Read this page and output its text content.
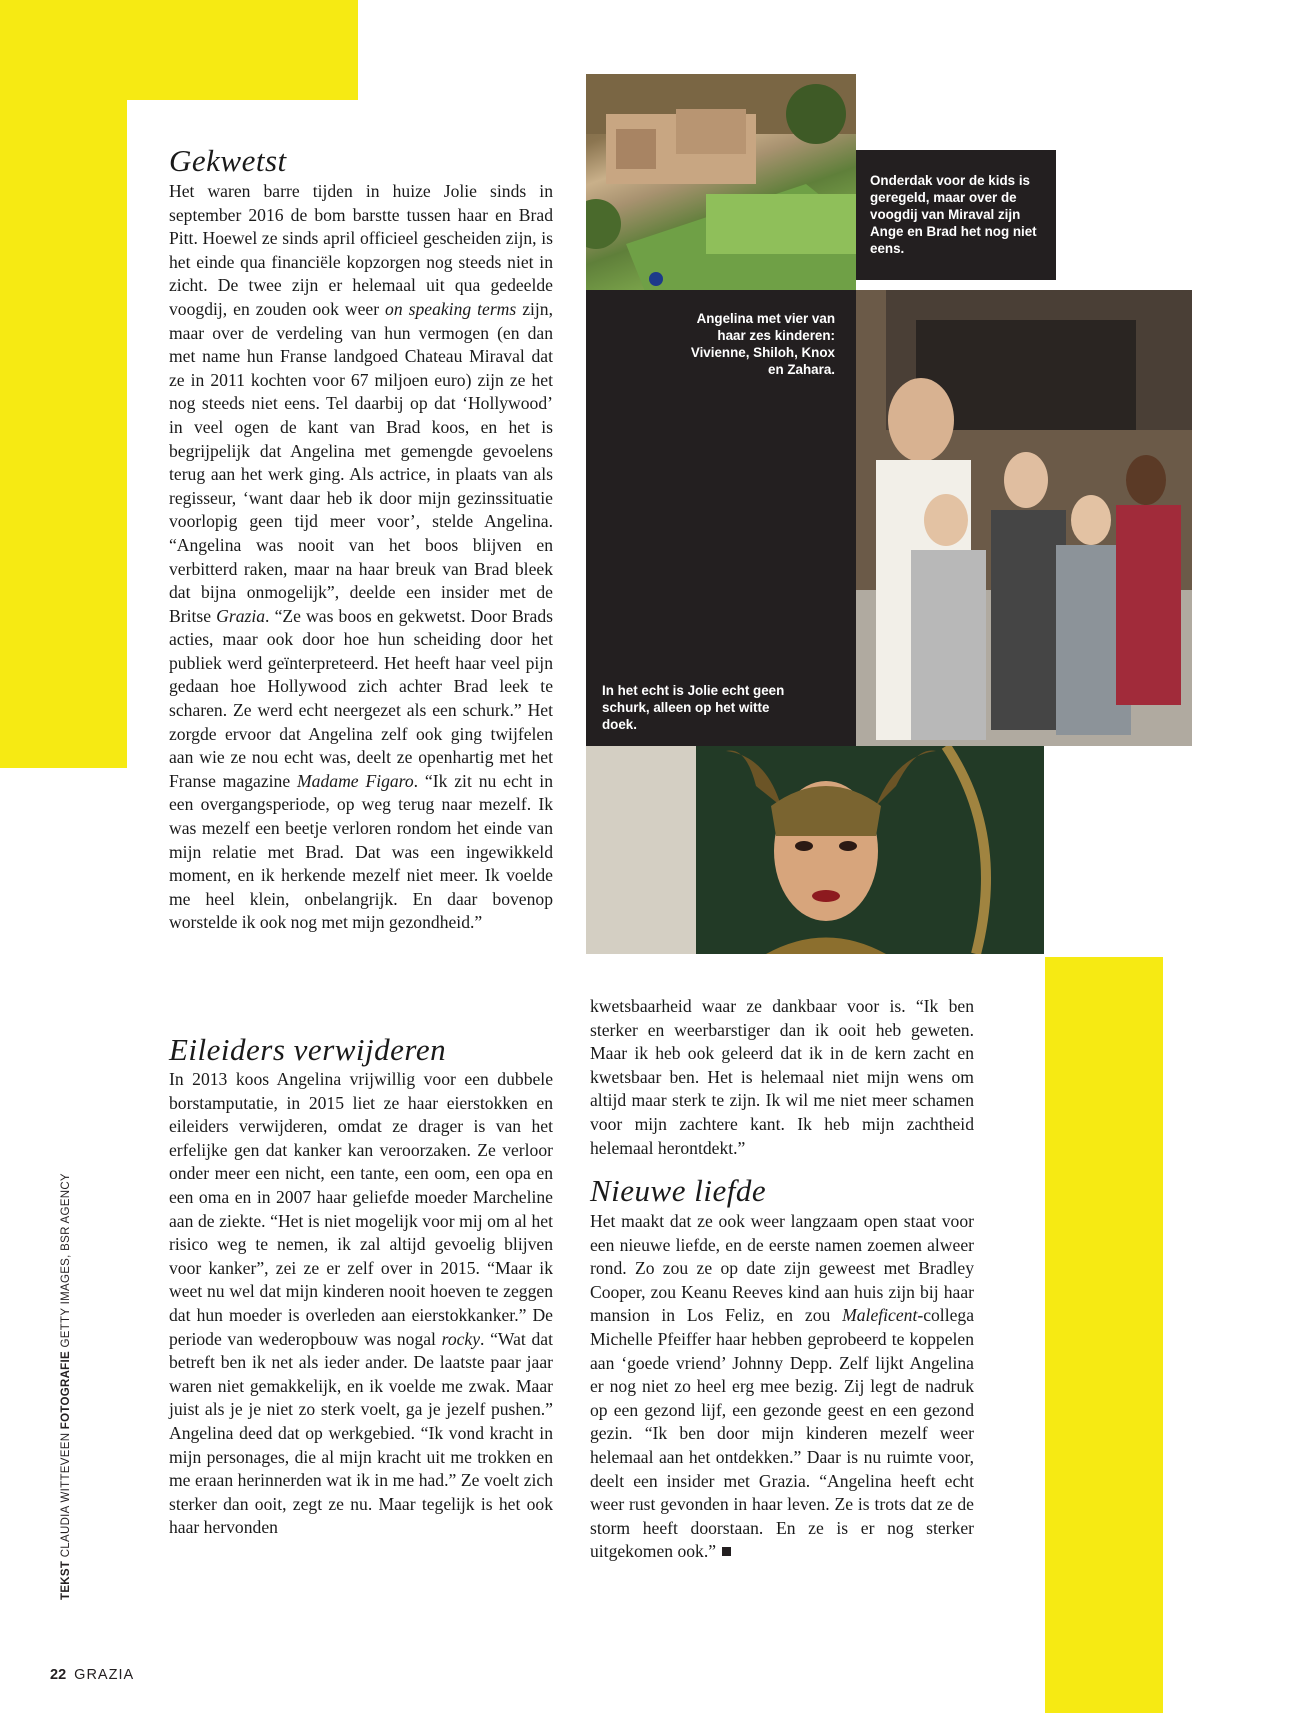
Onderdak voor de kids is geregeld, maar over de voogdij van Miraval zijn Ange en Brad het nog niet eens.
Angelina met vier van haar zes kinderen: Vivienne, Shiloh, Knox en Zahara.
In het echt is Jolie echt geen schurk, alleen op het witte doek.
Gekwetst

Het waren barre tijden in huize Jolie sinds in september 2016 de bom barstte tussen haar en Brad Pitt. Hoewel ze sinds april officieel gescheiden zijn, is het einde qua financiële kopzorgen nog steeds niet in zicht. De twee zijn er helemaal uit qua gedeelde voogdij, en zouden ook weer on speaking terms zijn, maar over de verdeling van hun vermogen (en dan met name hun Franse landgoed Chateau Miraval dat ze in 2011 kochten voor 67 miljoen euro) zijn ze het nog steeds niet eens. Tel daarbij op dat ‘Hollywood’ in veel ogen de kant van Brad koos, en het is begrijpelijk dat Angelina met gemengde gevoelens terug aan het werk ging. Als actrice, in plaats van als regisseur, ‘want daar heb ik door mijn gezinssituatie voorlopig geen tijd meer voor’, stelde Angelina. “Angelina was nooit van het boos blijven en verbitterd raken, maar na haar breuk van Brad bleek dat bijna onmogelijk”, deelde een insider met de Britse Grazia. “Ze was boos en gekwetst. Door Brads acties, maar ook door hoe hun scheiding door het publiek werd geïnterpreteerd. Het heeft haar veel pijn gedaan hoe Hollywood zich achter Brad leek te scharen. Ze werd echt neergezet als een schurk.” Het zorgde ervoor dat Angelina zelf ook ging twijfelen aan wie ze nou echt was, deelt ze openhartig met het Franse magazine Madame Figaro. “Ik zit nu echt in een overgangsperiode, op weg terug naar mezelf. Ik was mezelf een beetje verloren rondom het einde van mijn relatie met Brad. Dat was een ingewikkeld moment, en ik herkende mezelf niet meer. Ik voelde me heel klein, onbelangrijk. En daar bovenop worstelde ik ook nog met mijn gezondheid.”

Eileiders verwijderen

In 2013 koos Angelina vrijwillig voor een dubbele borstamputatie, in 2015 liet ze haar eierstokken en eileiders verwijderen, omdat ze drager is van het erfelijke gen dat kanker kan veroorzaken. Ze verloor onder meer een nicht, een tante, een oom, een opa en een oma en in 2007 haar geliefde moeder Marcheline aan de ziekte. “Het is niet mogelijk voor mij om al het risico weg te nemen, ik zal altijd gevoelig blijven voor kanker”, zei ze er zelf over in 2015. “Maar ik weet nu wel dat mijn kinderen nooit hoeven te zeggen dat hun moeder is overleden aan eierstokkanker.” De periode van wederopbouw was nogal rocky. “Wat dat betreft ben ik net als ieder ander. De laatste paar jaar waren niet gemakkelijk, en ik voelde me zwak. Maar juist als je je niet zo sterk voelt, ga je jezelf pushen.” Angelina deed dat op werkgebied. “Ik vond kracht in mijn personages, die al mijn kracht uit me trokken en me eraan herinnerden wat ik in me had.” Ze voelt zich sterker dan ooit, zegt ze nu. Maar tegelijk is het ook haar hervonden

kwetsbaarheid waar ze dankbaar voor is. “Ik ben sterker en weerbarstiger dan ik ooit heb geweten. Maar ik heb ook geleerd dat ik in de kern zacht en kwetsbaar ben. Het is helemaal niet mijn wens om altijd maar sterk te zijn. Ik wil me niet meer schamen voor mijn zachtere kant. Ik heb mijn zachtheid helemaal herontdekt.”

Nieuwe liefde

Het maakt dat ze ook weer langzaam open staat voor een nieuwe liefde, en de eerste namen zoemen alweer rond. Zo zou ze op date zijn geweest met Bradley Cooper, zou Keanu Reeves kind aan huis zijn bij haar mansion in Los Feliz, en zou Maleficent-collega Michelle Pfeiffer haar hebben geprobeerd te koppelen aan ‘goede vriend’ Johnny Depp. Zelf lijkt Angelina er nog niet zo heel erg mee bezig. Zij legt de nadruk op een gezond lijf, een gezonde geest en een gezond gezin. “Ik ben door mijn kinderen mezelf weer helemaal aan het ontdekken.” Daar is nu ruimte voor, deelt een insider met Grazia. “Angelina heeft echt weer rust gevonden in haar leven. Ze is trots dat ze de storm heeft doorstaan. En ze is er nog sterker uitgekomen ook.”

TEKST CLAUDIA WITTEVEEN FOTOGRAFIE GETTY IMAGES, BSR AGENCY
22 GRAZIA
